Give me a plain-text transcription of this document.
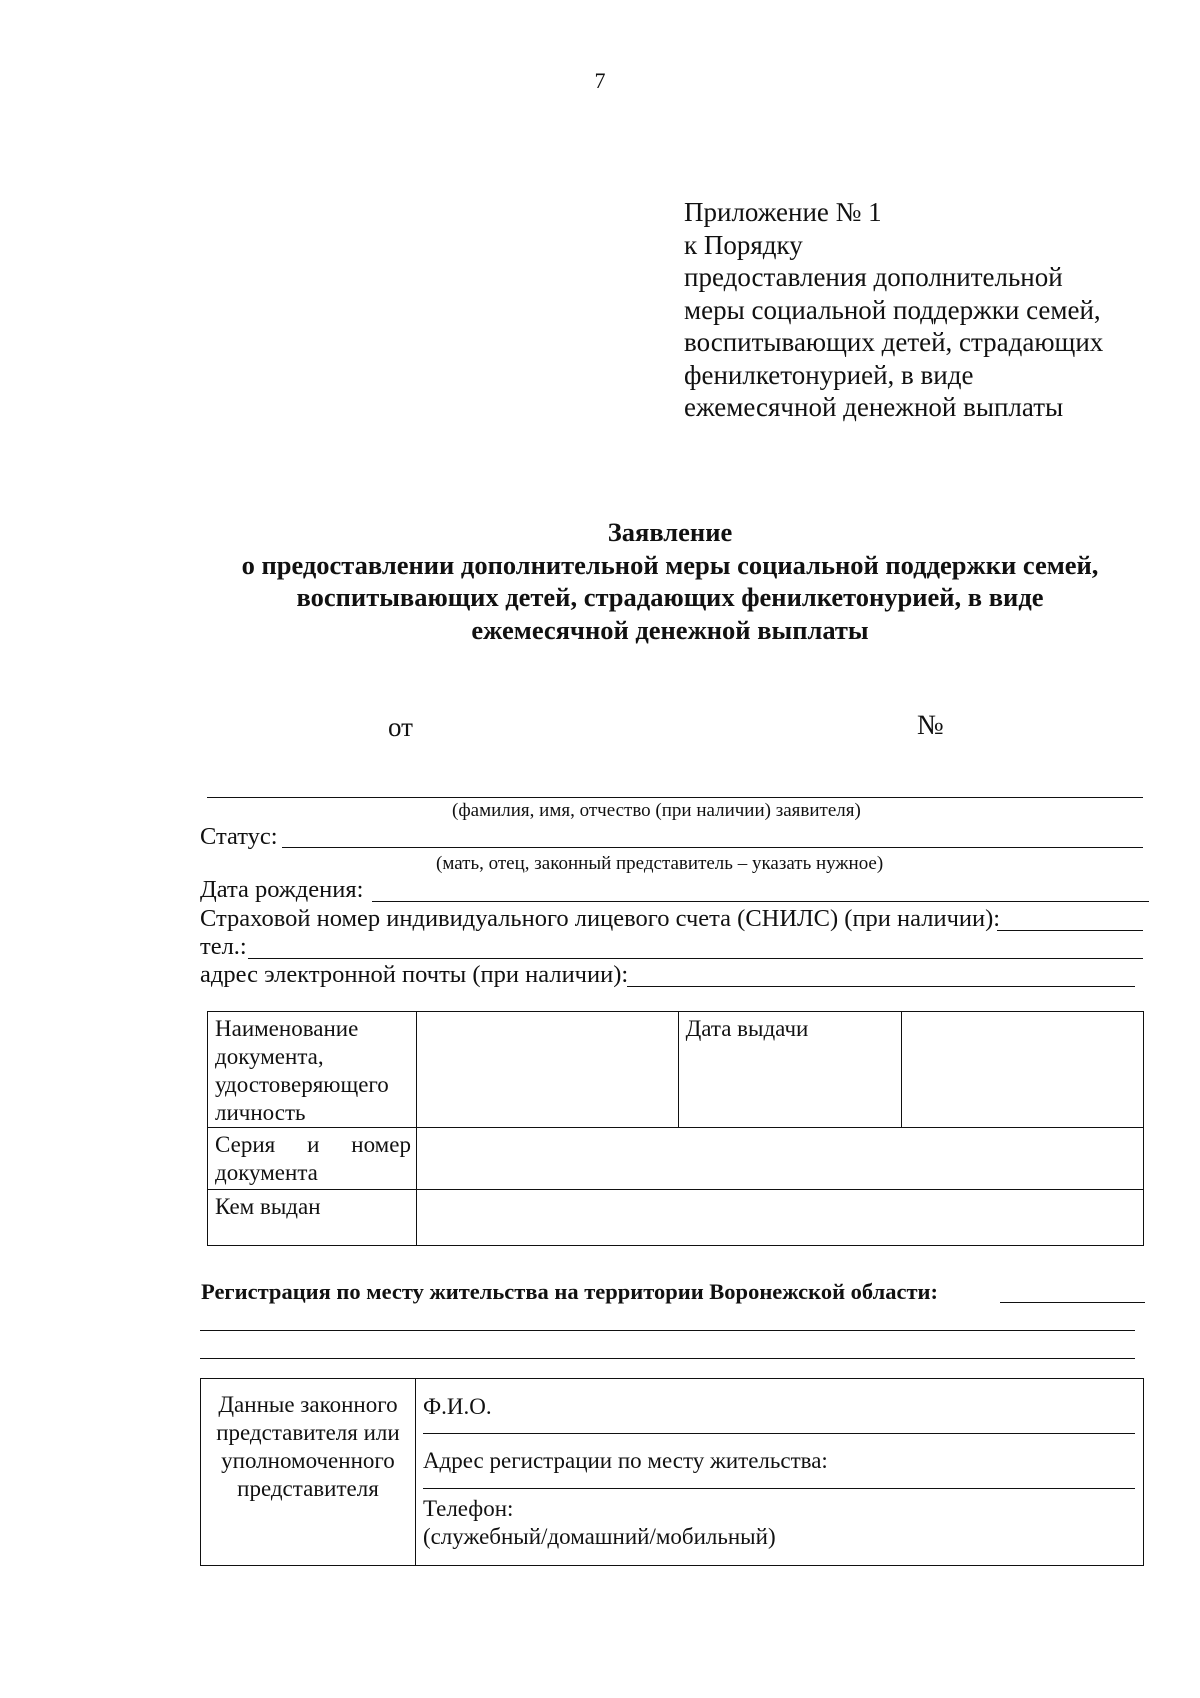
7
Приложение № 1
к Порядку
предоставления дополнительной
меры социальной поддержки семей,
воспитывающих детей, страдающих
фенилкетонурией, в виде
ежемесячной денежной выплаты
Заявление
о предоставлении дополнительной меры социальной поддержки семей,
воспитывающих детей, страдающих фенилкетонурией, в виде
ежемесячной денежной выплаты
от	№
(фамилия, имя, отчество (при наличии) заявителя)
Статус:
(мать, отец, законный представитель – указать нужное)
Дата рождения:
Страховой номер индивидуального лицевого счета (СНИЛС) (при наличии):
тел.:
адрес электронной почты (при наличии):
Наименование документа, удостоверяющего личность		Дата выдачи	
Серия и номер документа			
Кем выдан			
Регистрация по месту жительства на территории Воронежской области:
Данные законного представителя или уполномоченного представителя	
Ф.И.О.
Адрес регистрации по месту жительства:
Телефон:
(служебный/домашний/мобильный)
